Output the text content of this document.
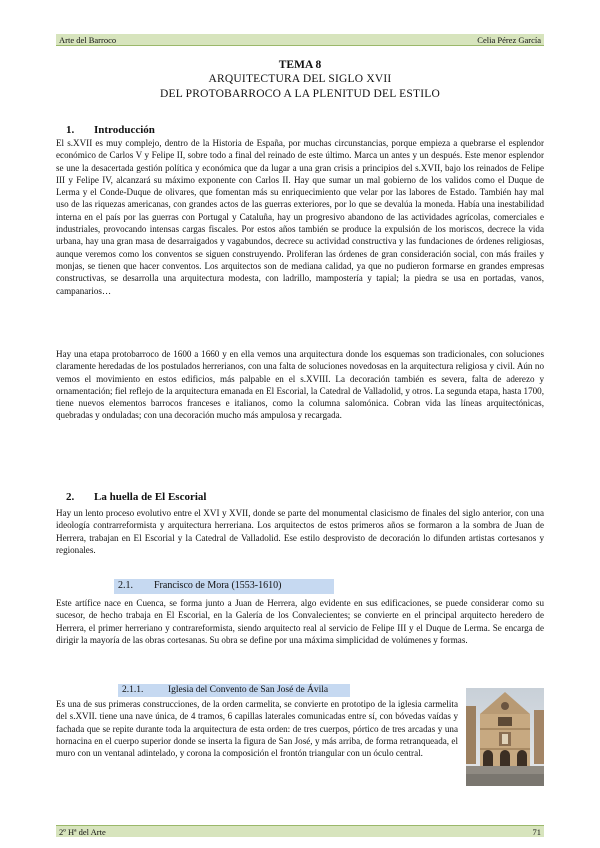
Arte del Barroco	Celia Pérez García
TEMA 8
ARQUITECTURA DEL SIGLO XVII
DEL PROTOBARROCO A LA PLENITUD DEL ESTILO
1. Introducción
El s.XVII es muy complejo, dentro de la Historia de España, por muchas circunstancias, porque empieza a quebrarse el esplendor económico de Carlos V y Felipe II, sobre todo a final del reinado de este último. Marca un antes y un después. Este menor esplendor se une la desacertada gestión política y económica que da lugar a una gran crisis a principios del s.XVII, bajo los reinados de Felipe III y Felipe IV, alcanzará su máximo exponente con Carlos II. Hay que sumar un mal gobierno de los validos como el Duque de Lerma y el Conde-Duque de olivares, que fomentan más su enriquecimiento que velar por las labores de Estado. También hay mal uso de las riquezas americanas, con grandes actos de las guerras exteriores, por lo que se devalúa la moneda. Había una inestabilidad interna en el país por las guerras con Portugal y Cataluña, hay un progresivo abandono de las actividades agrícolas, comerciales e industriales, provocando intensas cargas fiscales. Por estos años también se produce la expulsión de los moriscos, decrece la vida urbana, hay una gran masa de desarraigados y vagabundos, decrece su actividad constructiva y las fundaciones de órdenes religiosas, aunque veremos como los conventos se siguen construyendo. Proliferan las órdenes de gran consideración social, con más frailes y monjas, se tienen que hacer conventos. Los arquitectos son de mediana calidad, ya que no pudieron formarse en grandes empresas constructivas, se desarrolla una arquitectura modesta, con ladrillo, mampostería y tapial; la piedra se usa en portadas, vanos, campanarios…
Hay una etapa protobarroco de 1600 a 1660 y en ella vemos una arquitectura donde los esquemas son tradicionales, con soluciones claramente heredadas de los postulados herrerianos, con una falta de soluciones novedosas en la arquitectura religiosa y civil. Aún no vemos el movimiento en estos edificios, más palpable en el s.XVIII. La decoración también es severa, falta de aderezo y ornamentación; fiel reflejo de la arquitectura emanada en El Escorial, la Catedral de Valladolid, y otros. La segunda etapa, hasta 1700, tiene nuevos elementos barrocos franceses e italianos, como la columna salomónica. Cobran vida las líneas arquitectónicas, quebradas y onduladas; con una decoración mucho más ampulosa y recargada.
2. La huella de El Escorial
Hay un lento proceso evolutivo entre el XVI y XVII, donde se parte del monumental clasicismo de finales del siglo anterior, con una ideología contrarreformista y arquitectura herreriana. Los arquitectos de estos primeros años se formaron a la sombra de Juan de Herrera, trabajan en El Escorial y la Catedral de Valladolid. Ese estilo desprovisto de decoración lo difunden artistas cortesanos y regionales.
2.1. Francisco de Mora (1553-1610)
Este artífice nace en Cuenca, se forma junto a Juan de Herrera, algo evidente en sus edificaciones, se puede considerar como su sucesor, de hecho trabaja en El Escorial, en la Galería de los Convalecientes; se convierte en el principal arquitecto heredero de Herrera, el primer herreriano y contrareformista, siendo arquitecto real al servicio de Felipe III y el Duque de Lerma. Se encarga de dirigir la mayoría de las obras cortesanas. Su obra se define por una máxima simplicidad de volúmenes y formas.
2.1.1.	Iglesia del Convento de San José de Ávila
Es una de sus primeras construcciones, de la orden carmelita, se convierte en prototipo de la iglesia carmelita del s.XVII. tiene una nave única, de 4 tramos, 6 capillas laterales comunicadas entre sí, con bóvedas vaídas y fachada que se repite durante toda la arquitectura de esta orden: de tres cuerpos, pórtico de tres arcadas y una hornacina en el cuerpo superior donde se inserta la figura de San José, y más arriba, de forma retranqueada, el muro con un ventanal adintelado, y corona la composición el frontón triangular con un óculo central.
2º Hª del Arte	71
